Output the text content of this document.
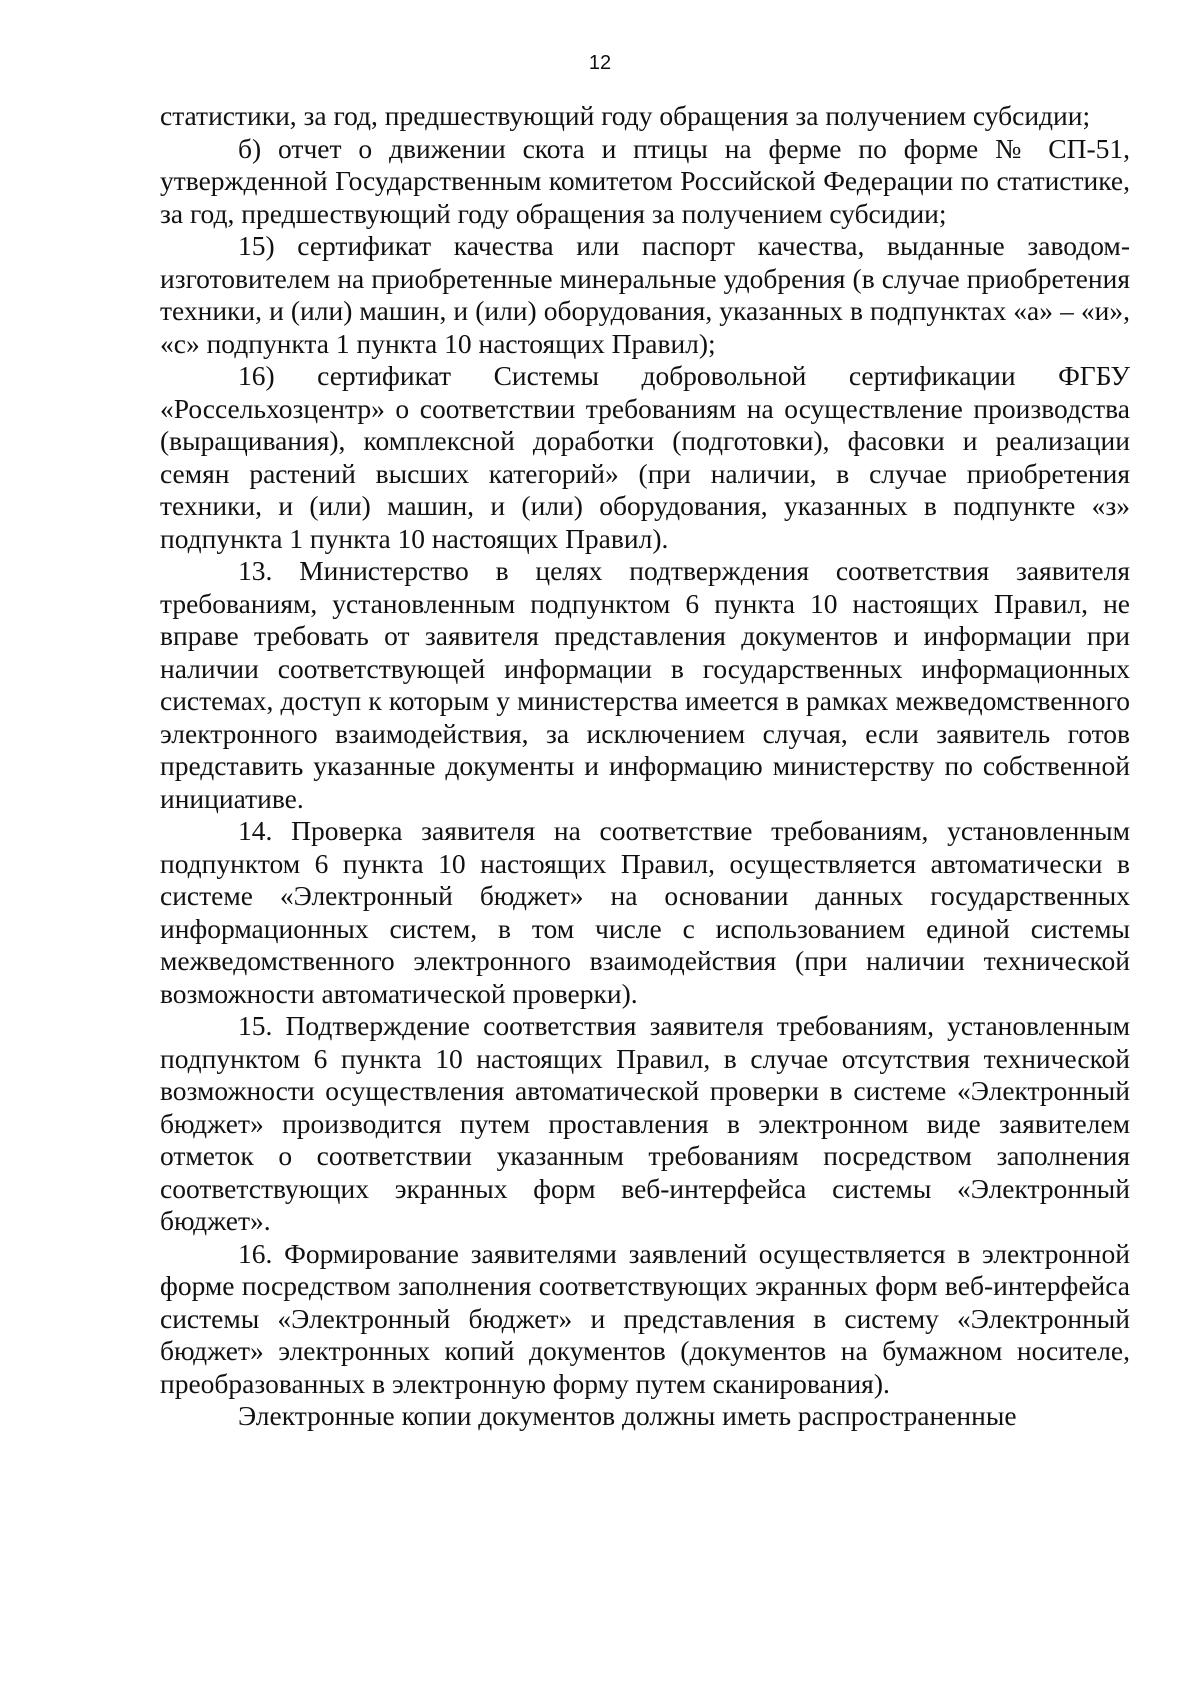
12

статистики, за год, предшествующий году обращения за получением субсидии;

б) отчет о движении скота и птицы на ферме по форме № СП-51, утвержденной Государственным комитетом Российской Федерации по статистике, за год, предшествующий году обращения за получением субсидии;

15) сертификат качества или паспорт качества, выданные заводом-изготовителем на приобретенные минеральные удобрения (в случае приобретения техники, и (или) машин, и (или) оборудования, указанных в подпунктах «а» – «и», «с» подпункта 1 пункта 10 настоящих Правил);

16) сертификат Системы добровольной сертификации ФГБУ «Россельхозцентр» о соответствии требованиям на осуществление производства (выращивания), комплексной доработки (подготовки), фасовки и реализации семян растений высших категорий» (при наличии, в случае приобретения техники, и (или) машин, и (или) оборудования, указанных в подпункте «з» подпункта 1 пункта 10 настоящих Правил).

13. Министерство в целях подтверждения соответствия заявителя требованиям, установленным подпунктом 6 пункта 10 настоящих Правил, не вправе требовать от заявителя представления документов и информации при наличии соответствующей информации в государственных информационных системах, доступ к которым у министерства имеется в рамках межведомственного электронного взаимодействия, за исключением случая, если заявитель готов представить указанные документы и информацию министерству по собственной инициативе.

14. Проверка заявителя на соответствие требованиям, установленным подпунктом 6 пункта 10 настоящих Правил, осуществляется автоматически в системе «Электронный бюджет» на основании данных государственных информационных систем, в том числе с использованием единой системы межведомственного электронного взаимодействия (при наличии технической возможности автоматической проверки).

15. Подтверждение соответствия заявителя требованиям, установленным подпунктом 6 пункта 10 настоящих Правил, в случае отсутствия технической возможности осуществления автоматической проверки в системе «Электронный бюджет» производится путем проставления в электронном виде заявителем отметок о соответствии указанным требованиям посредством заполнения соответствующих экранных форм веб-интерфейса системы «Электронный бюджет».

16. Формирование заявителями заявлений осуществляется в электронной форме посредством заполнения соответствующих экранных форм веб-интерфейса системы «Электронный бюджет» и представления в систему «Электронный бюджет» электронных копий документов (документов на бумажном носителе, преобразованных в электронную форму путем сканирования).

Электронные копии документов должны иметь распространенные
